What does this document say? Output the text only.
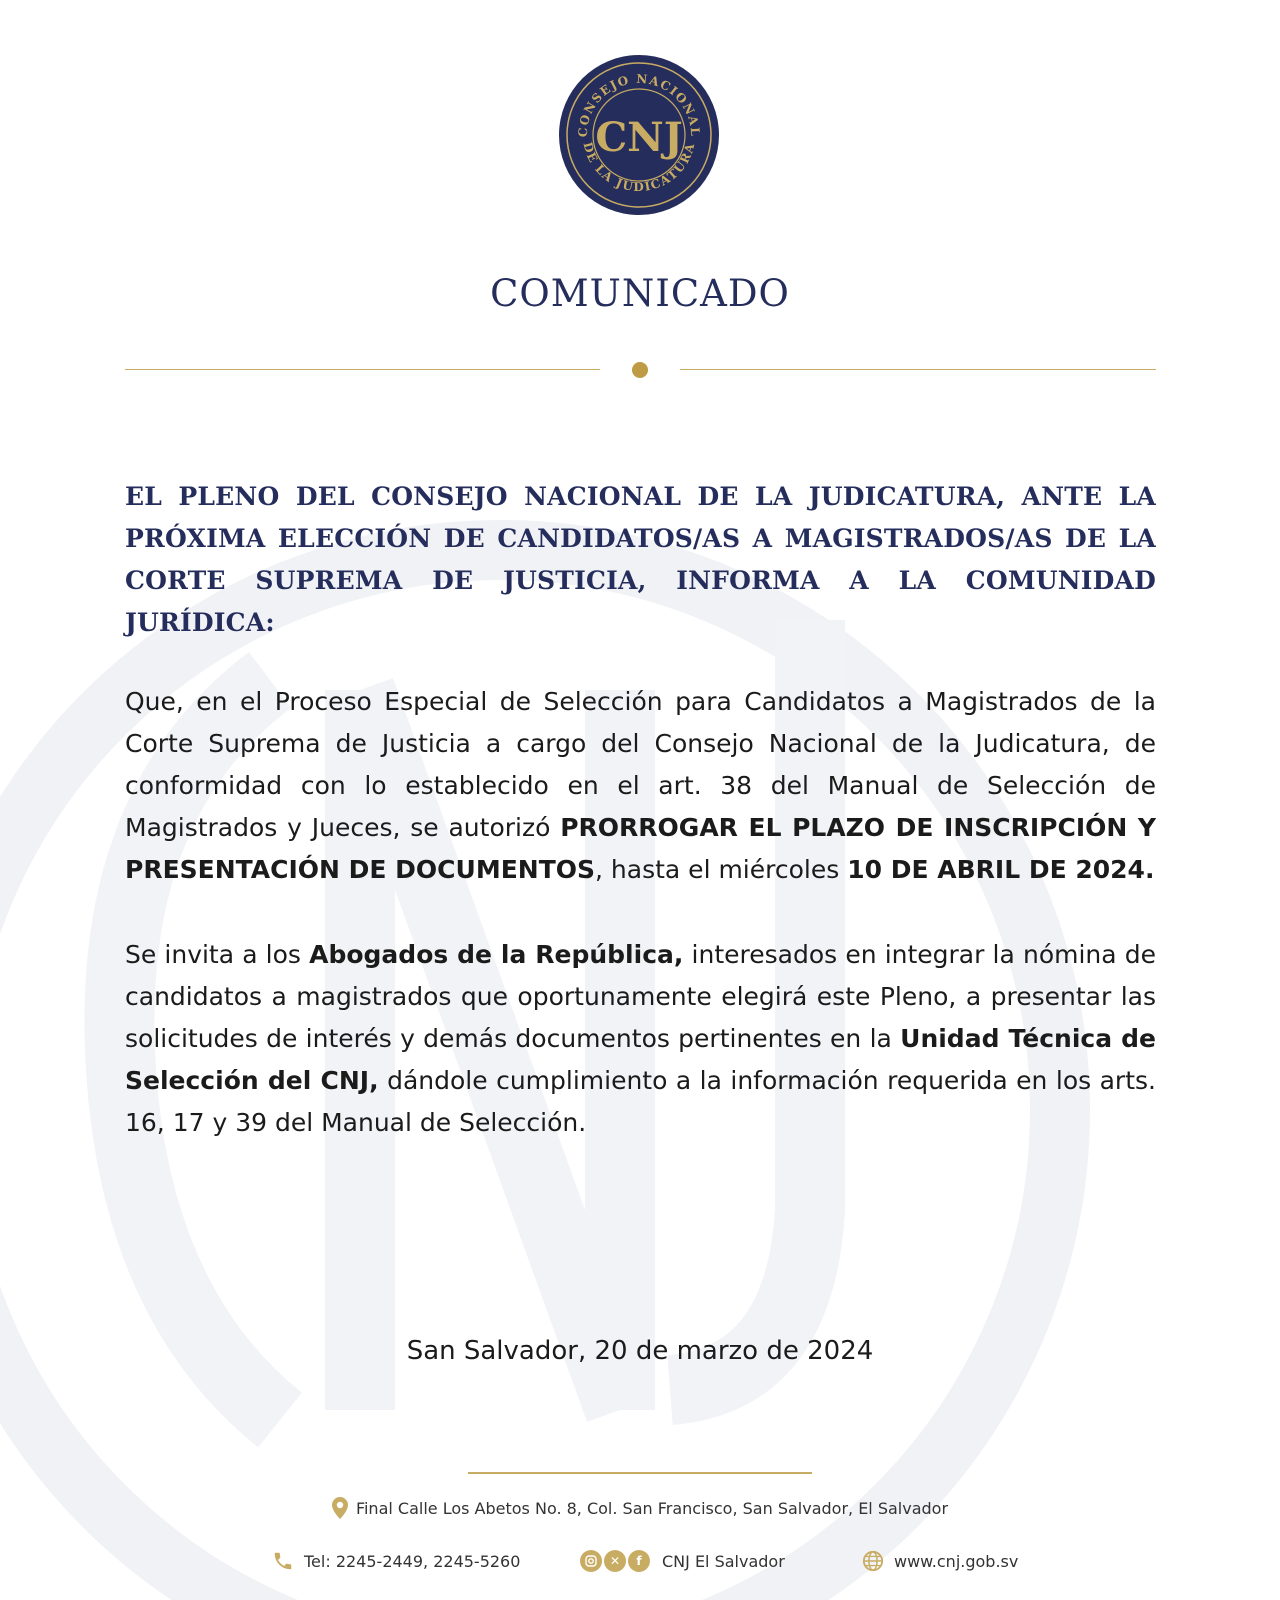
CONSEJO NACIONAL
DE LA JUDICATURA
CNJ
COMUNICADO
EL PLENO DEL CONSEJO NACIONAL DE LA JUDICATURA, ANTE LA PRÓXIMA ELECCIÓN DE CANDIDATOS/AS A MAGISTRADOS/AS DE LA CORTE SUPREMA DE JUSTICIA, INFORMA A LA COMUNIDAD JURÍDICA:
Que, en el Proceso Especial de Selección para Candidatos a Magistrados de la Corte Suprema de Justicia a cargo del Consejo Nacional de la Judicatura, de conformidad con lo establecido en el art. 38 del Manual de Selección de Magistrados y Jueces, se autorizó PRORROGAR EL PLAZO DE INSCRIPCIÓN Y PRESENTACIÓN DE DOCUMENTOS, hasta el miércoles 10 DE ABRIL DE 2024.
Se invita a los Abogados de la República, interesados en integrar la nómina de candidatos a magistrados que oportunamente elegirá este Pleno, a presentar las solicitudes de interés y demás documentos pertinentes en la Unidad Técnica de Selección del CNJ, dándole cumplimiento a la información requerida en los arts. 16, 17 y 39 del Manual de Selección.
San Salvador, 20 de marzo de 2024
Final Calle Los Abetos No. 8, Col. San Francisco, San Salvador, El Salvador
Tel: 2245-2449, 2245-5260	✕	f	CNJ El Salvador	www.cnj.gob.sv
